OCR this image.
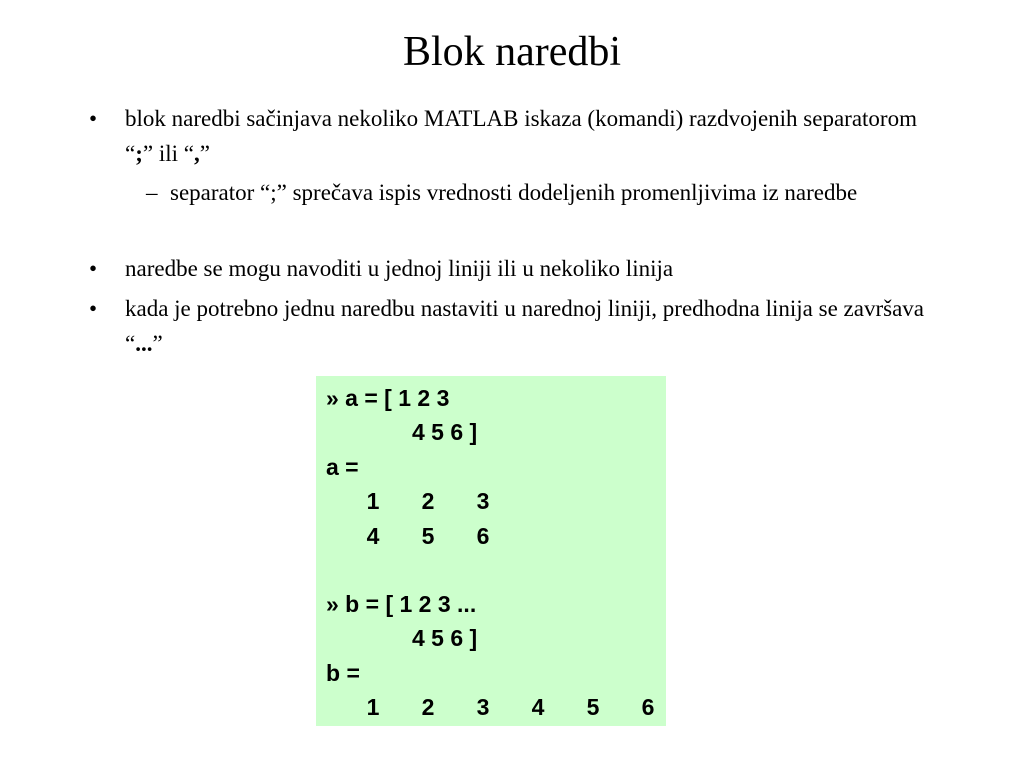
Blok naredbi
• blok naredbi sačinjava nekoliko MATLAB iskaza (komandi) razdvojenih separatorom “;” ili “,”
– separator “;” sprečava ispis vrednosti dodeljenih promenljivima iz naredbe
• naredbe se mogu navoditi u jednoj liniji ili u nekoliko linija
• kada je potrebno jednu naredbu nastaviti u narednoj liniji, predhodna linija se završava “...”
» a = [ 1 2 3
4 5 6 ]
a =
1	2	3
4	5	6
» b = [ 1 2 3 ...
4 5 6 ]
b =
1	2	3	4	5	6
